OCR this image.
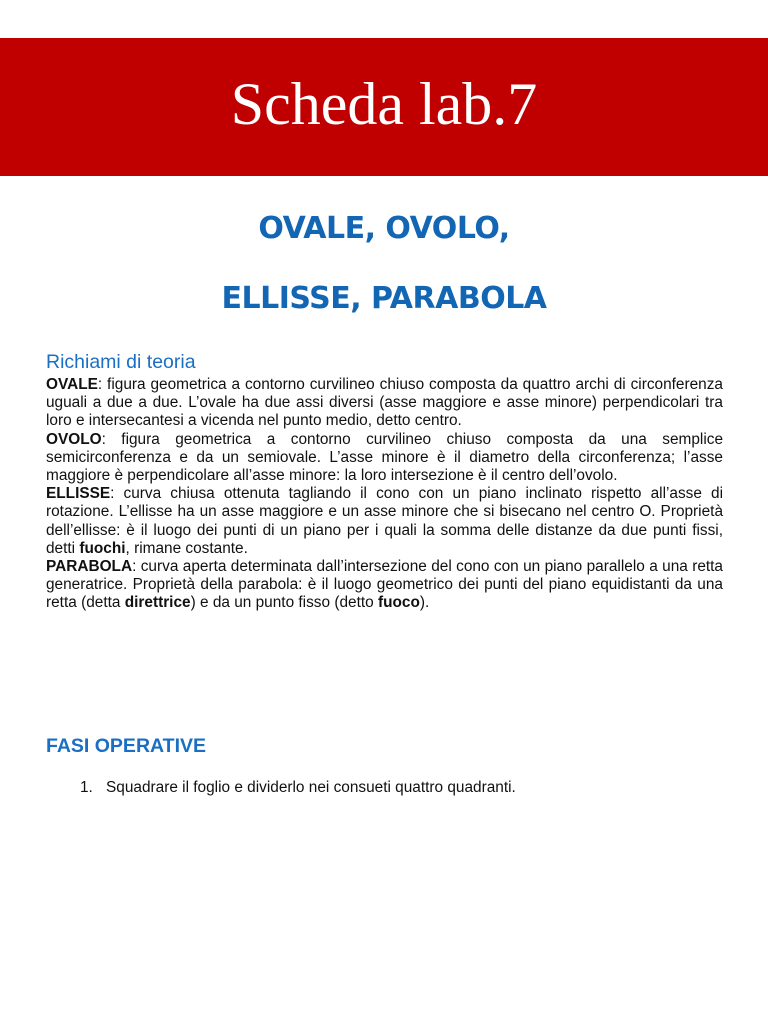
Scheda lab.7
OVALE, OVOLO,
ELLISSE, PARABOLA
Richiami di teoria

OVALE: figura geometrica a contorno curvilineo chiuso composta da quattro archi di circonferenza uguali a due a due. L’ovale ha due assi diversi (asse maggiore e asse minore) perpendicolari tra loro e intersecantesi a vicenda nel punto medio, detto centro.

OVOLO: figura geometrica a contorno curvilineo chiuso composta da una semplice semicirconferenza e da un semiovale. L’asse minore è il diametro della circonferenza; l’asse maggiore è perpendicolare all’asse minore: la loro intersezione è il centro dell’ovolo.

ELLISSE: curva chiusa ottenuta tagliando il cono con un piano inclinato rispetto all’asse di rotazione. L’ellisse ha un asse maggiore e un asse minore che si bisecano nel centro O. Proprietà dell’ellisse: è il luogo dei punti di un piano per i quali la somma delle distanze da due punti fissi, detti fuochi, rimane costante.

PARABOLA: curva aperta determinata dall’intersezione del cono con un piano parallelo a una retta generatrice. Proprietà della parabola: è il luogo geometrico dei punti del piano equidistanti da una retta (detta direttrice) e da un punto fisso (detto fuoco).

FASI OPERATIVE
1. Squadrare il foglio e dividerlo nei consueti quattro quadranti.
